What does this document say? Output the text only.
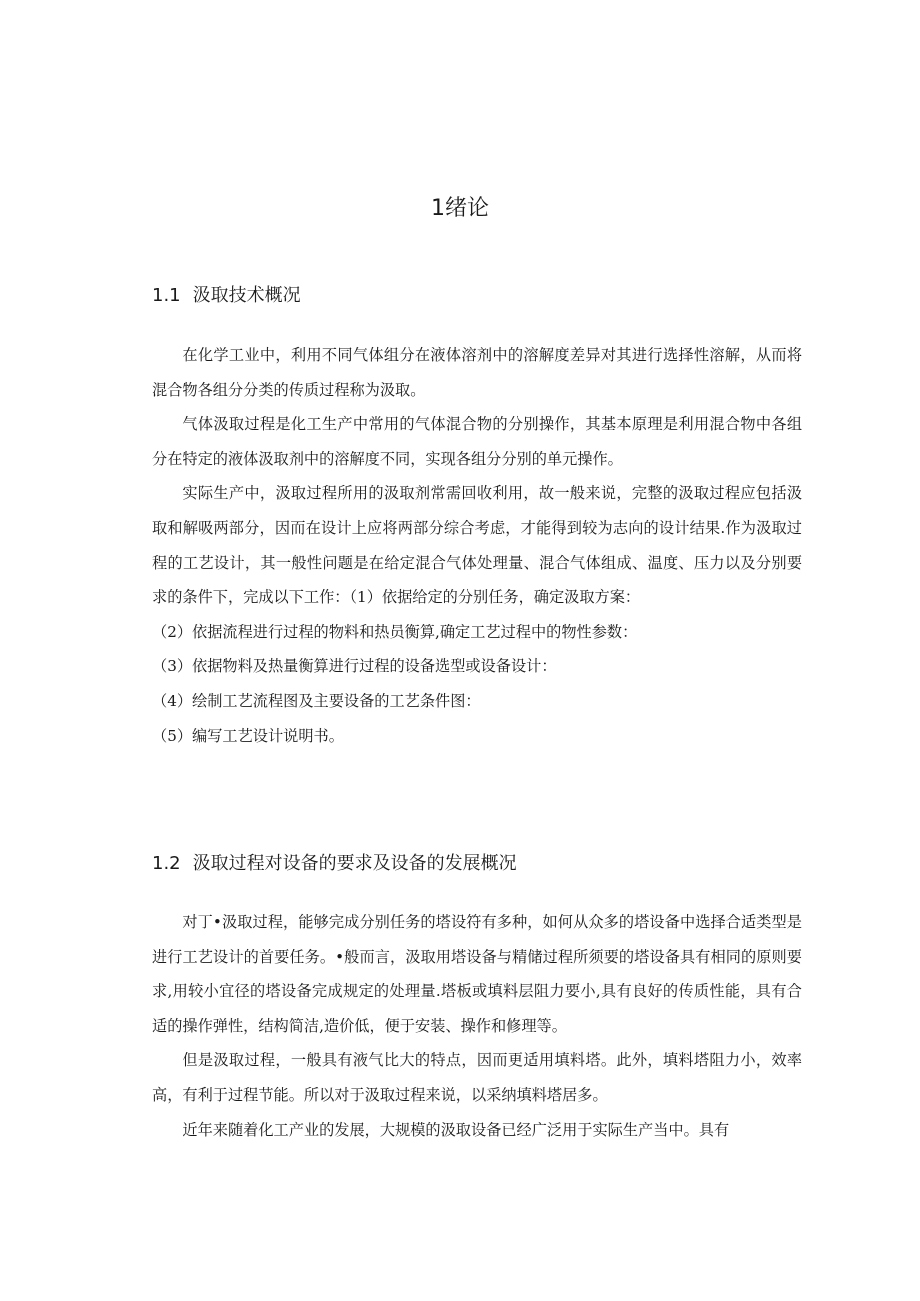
1绪论
1.1 汲取技术概况

在化学工业中，利用不同气体组分在液体溶剂中的溶解度差异对其进行选择性溶解，从而将混合物各组分分类的传质过程称为汲取。

气体汲取过程是化工生产中常用的气体混合物的分别操作，其基本原理是利用混合物中各组分在特定的液体汲取剂中的溶解度不同，实现各组分分别的单元操作。

实际生产中，汲取过程所用的汲取剂常需回收利用，故一般来说，完整的汲取过程应包括汲取和解吸两部分，因而在设计上应将两部分综合考虑，才能得到较为志向的设计结果.作为汲取过程的工艺设计，其一般性问题是在给定混合气体处理量、混合气体组成、温度、压力以及分别要求的条件下，完成以下工作：（1）依据给定的分别任务，确定汲取方案：

（2）依据流程进行过程的物料和热员衡算,确定工艺过程中的物性参数：
（3）依据物料及热量衡算进行过程的设备选型或设备设计：
（4）绘制工艺流程图及主要设备的工艺条件图：
（5）编写工艺设计说明书。
1.2 汲取过程对设备的要求及设备的发展概况

对丁•汲取过程，能够完成分别任务的塔设符有多种，如何从众多的塔设备中选择合适类型是进行工艺设计的首要任务。•般而言，汲取用塔设备与精储过程所须要的塔设备具有相同的原则要求,用较小宜径的塔设备完成规定的处理量.塔板或填料层阻力要小,具有良好的传质性能，具有合适的操作弹性，结构简洁,造价低，便于安装、操作和修理等。

但是汲取过程，一般具有液气比大的特点，因而更适用填料塔。此外，填料塔阻力小，效率高，有利于过程节能。所以对于汲取过程来说，以采纳填料塔居多。

近年来随着化工产业的发展，大规模的汲取设备已经广泛用于实际生产当中。具有
